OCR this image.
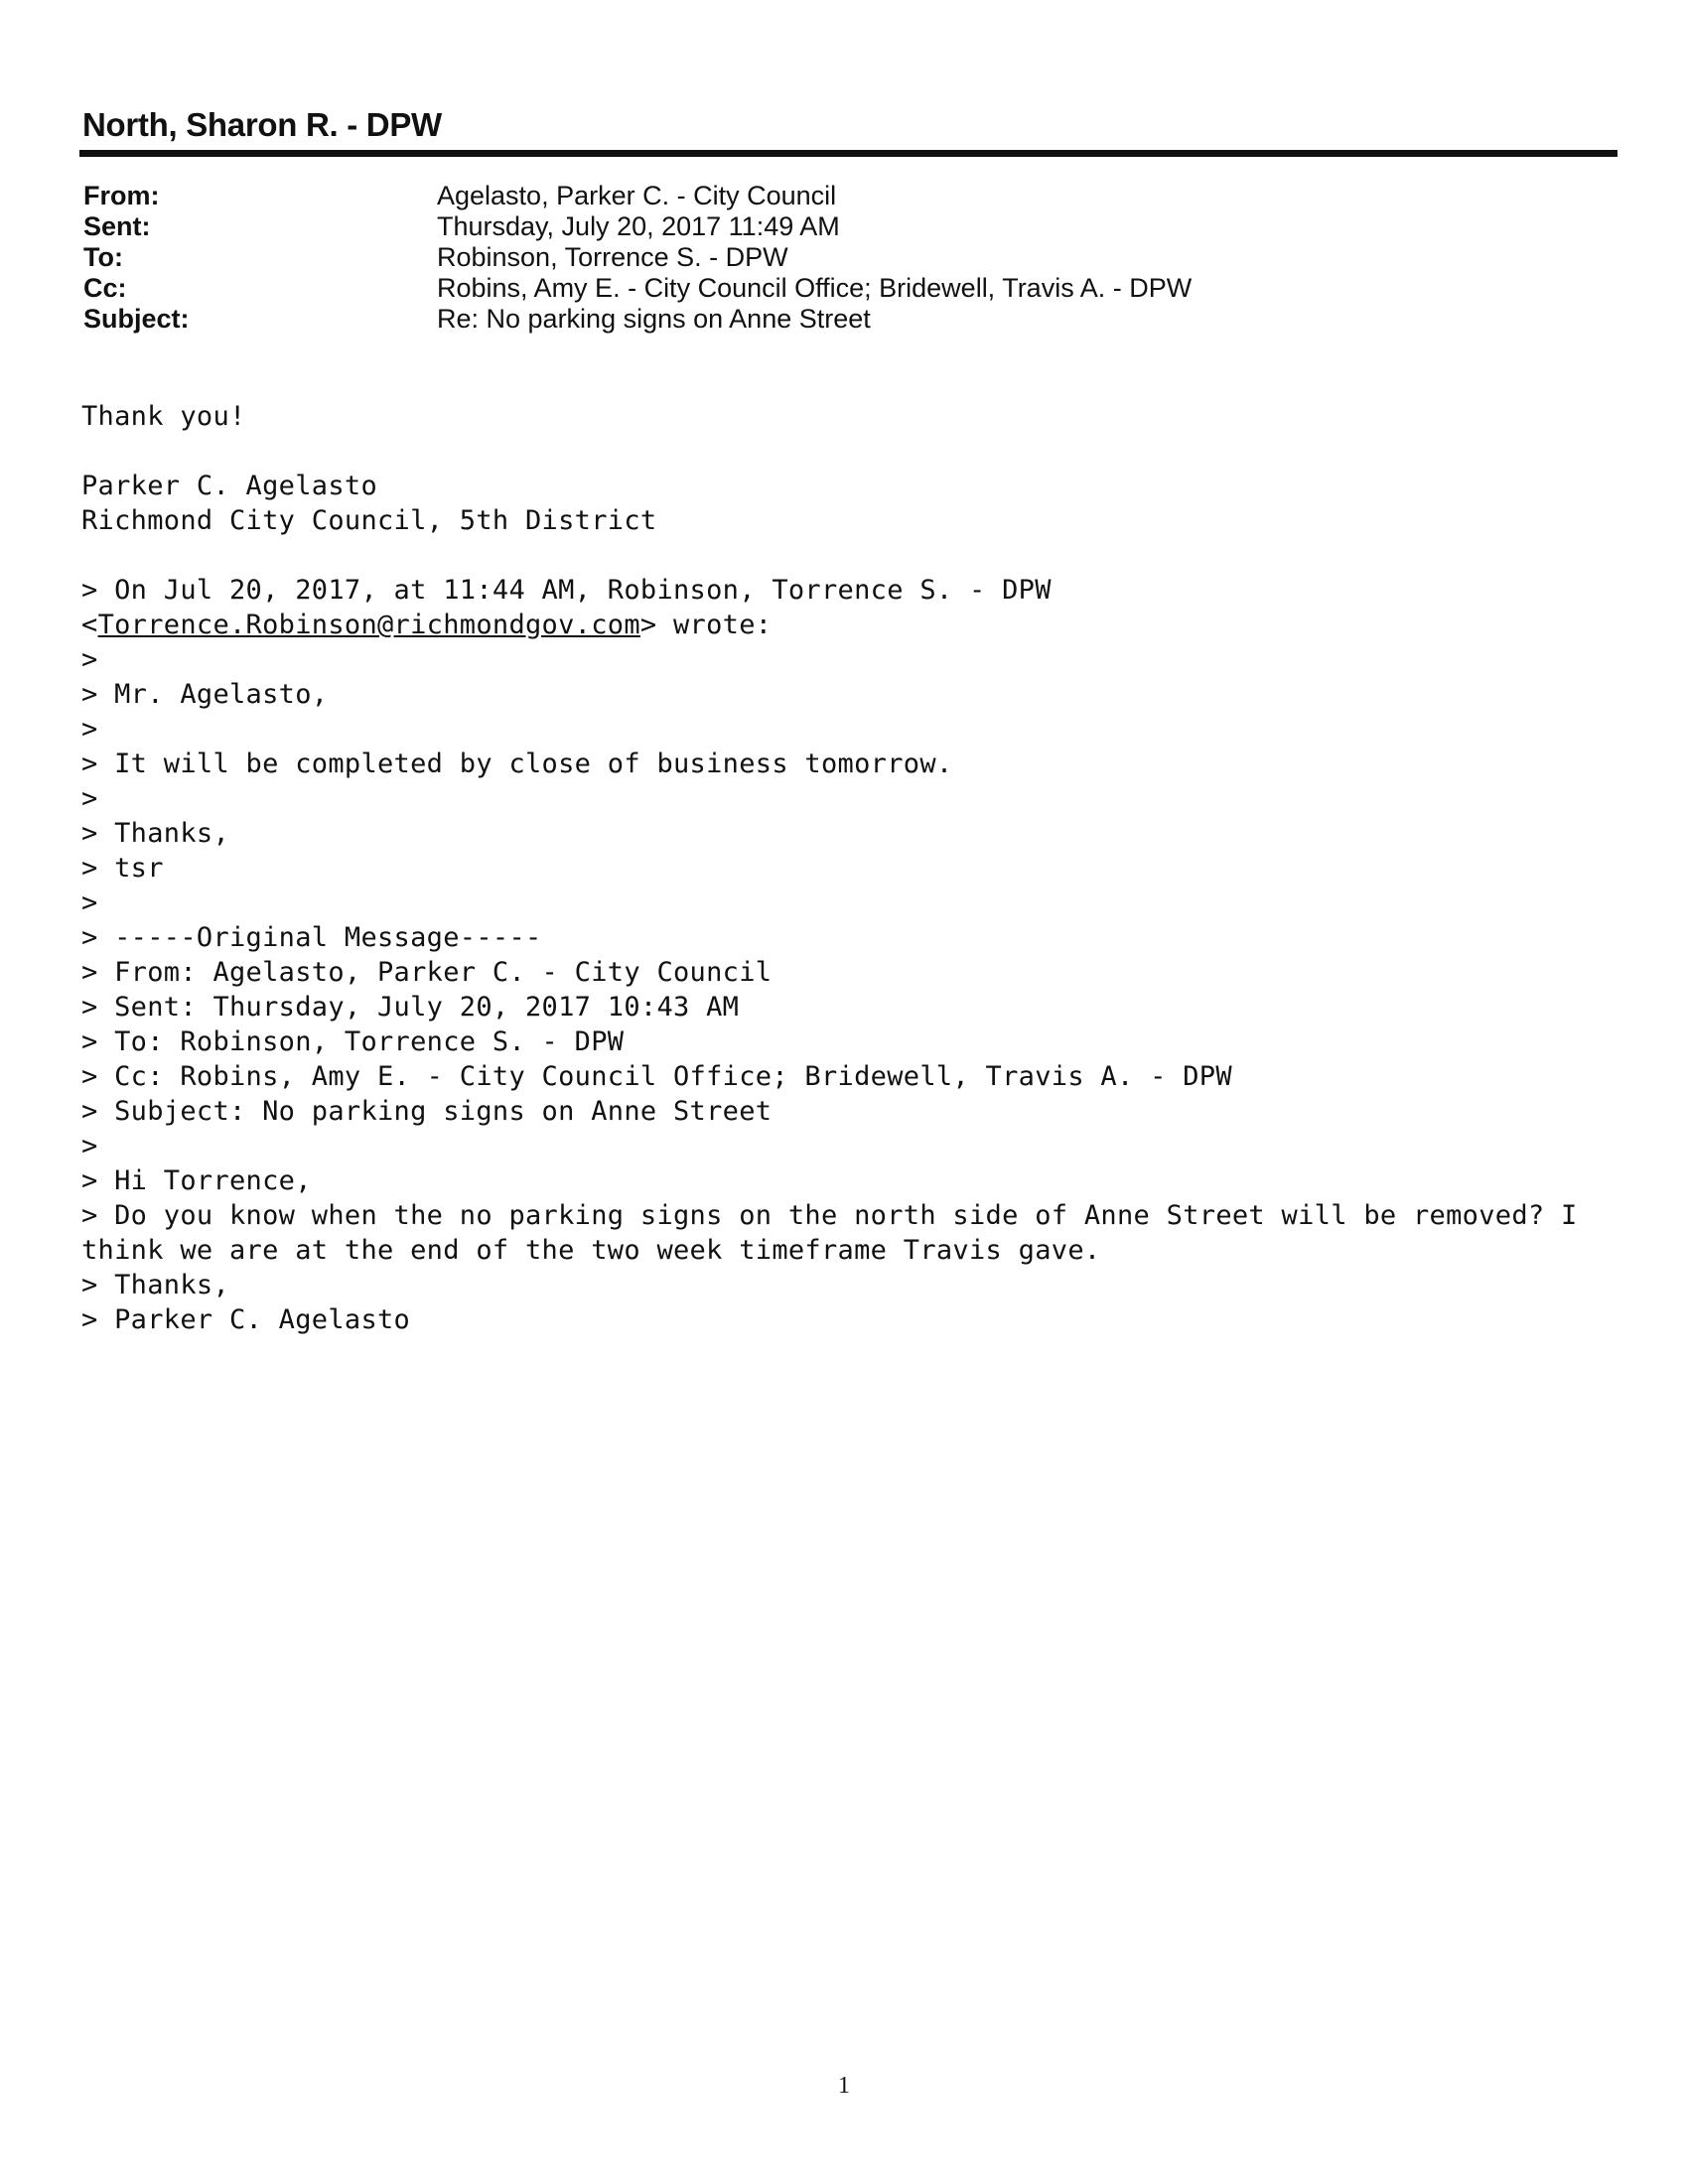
North, Sharon R. - DPW
From:	Agelasto, Parker C. - City Council
Sent:	Thursday, July 20, 2017 11:49 AM
To:	Robinson, Torrence S. - DPW
Cc:	Robins, Amy E. - City Council Office; Bridewell, Travis A. - DPW
Subject:	Re: No parking signs on Anne Street
Thank you!
Parker C. Agelasto
Richmond City Council, 5th District
> On Jul 20, 2017, at 11:44 AM, Robinson, Torrence S. - DPW
<Torrence.Robinson@richmondgov.com> wrote:
>
> Mr. Agelasto,
>
> It will be completed by close of business tomorrow.
>
> Thanks,
> tsr
>
> -----Original Message-----
> From: Agelasto, Parker C. - City Council
> Sent: Thursday, July 20, 2017 10:43 AM
> To: Robinson, Torrence S. - DPW
> Cc: Robins, Amy E. - City Council Office; Bridewell, Travis A. - DPW
> Subject: No parking signs on Anne Street
>
> Hi Torrence,
> Do you know when the no parking signs on the north side of Anne Street will be removed? I think we are at the end of the two week timeframe Travis gave.
> Thanks,
> Parker C. Agelasto
1
